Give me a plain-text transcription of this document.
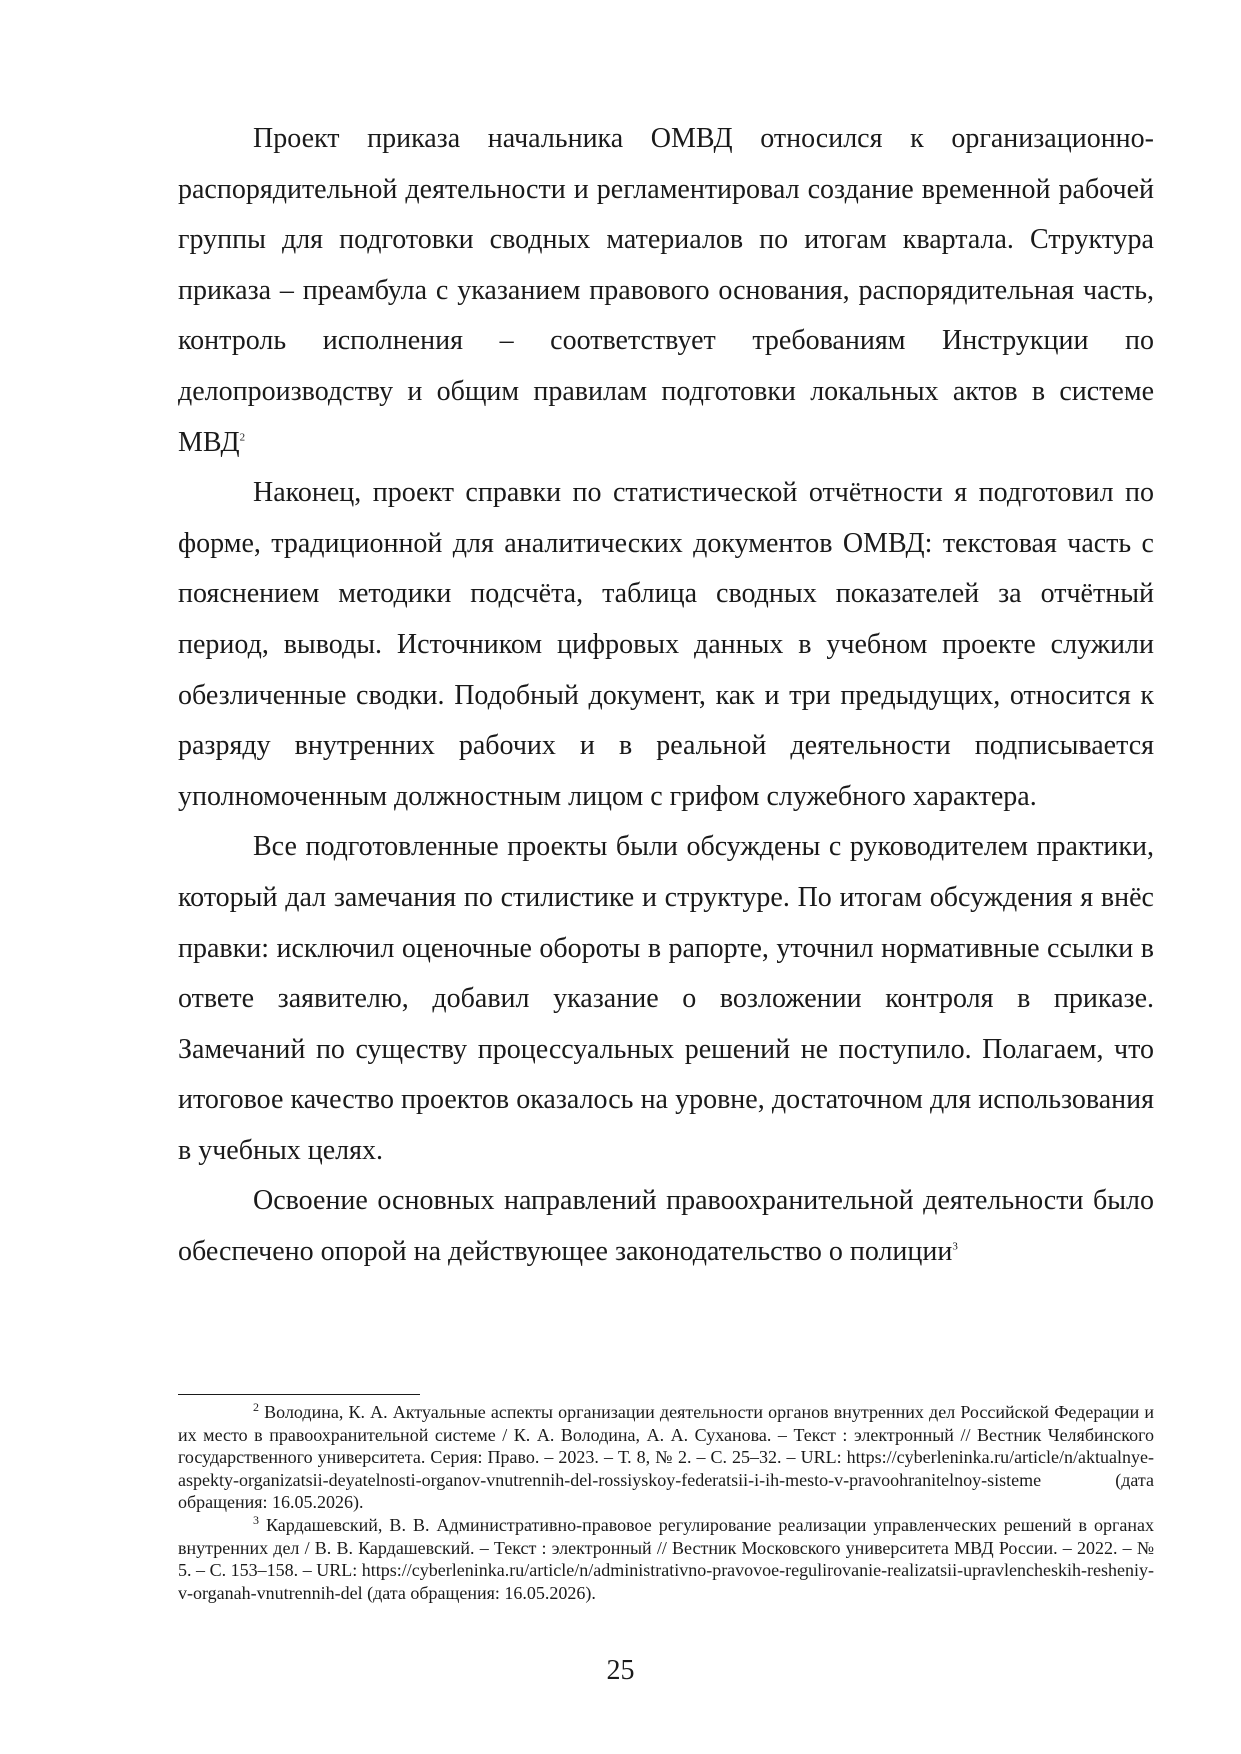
Проект приказа начальника ОМВД относился к организационно-распорядительной деятельности и регламентировал создание временной рабочей группы для подготовки сводных материалов по итогам квартала. Структура приказа – преамбула с указанием правового основания, распорядительная часть, контроль исполнения – соответствует требованиям Инструкции по делопроизводству и общим правилам подготовки локальных актов в системе МВД$^2$

Наконец, проект справки по статистической отчётности я подготовил по форме, традиционной для аналитических документов ОМВД: текстовая часть с пояснением методики подсчёта, таблица сводных показателей за отчётный период, выводы. Источником цифровых данных в учебном проекте служили обезличенные сводки. Подобный документ, как и три предыдущих, относится к разряду внутренних рабочих и в реальной деятельности подписывается уполномоченным должностным лицом с грифом служебного характера.

Все подготовленные проекты были обсуждены с руководителем практики, который дал замечания по стилистике и структуре. По итогам обсуждения я внёс правки: исключил оценочные обороты в рапорте, уточнил нормативные ссылки в ответе заявителю, добавил указание о возложении контроля в приказе. Замечаний по существу процессуальных решений не поступило. Полагаем, что итоговое качество проектов оказалось на уровне, достаточном для использования в учебных целях.

Освоение основных направлений правоохранительной деятельности было обеспечено опорой на действующее законодательство о полиции$^3$

$^2$ Володина, К. А. Актуальные аспекты организации деятельности органов внутренних дел Российской Федерации и их место в правоохранительной системе / К. А. Володина, А. А. Суханова. – Текст : электронный // Вестник Челябинского государственного университета. Серия: Право. – 2023. – Т. 8, № 2. – С. 25–32. – URL: https://cyberleninka.ru/article/n/aktualnye-aspekty-organizatsii-deyatelnosti-organov-vnutrennih-del-rossiyskoy-federatsii-i-ih-mesto-v-pravoohranitelnoy-sisteme (дата обращения: 16.05.2026).

$^3$ Кардашевский, В. В. Административно-правовое регулирование реализации управленческих решений в органах внутренних дел / В. В. Кардашевский. – Текст : электронный // Вестник Московского университета МВД России. – 2022. – № 5. – С. 153–158. – URL: https://cyberleninka.ru/article/n/administrativno-pravovoe-regulirovanie-realizatsii-upravlencheskih-resheniy-v-organah-vnutrennih-del (дата обращения: 16.05.2026).

25
